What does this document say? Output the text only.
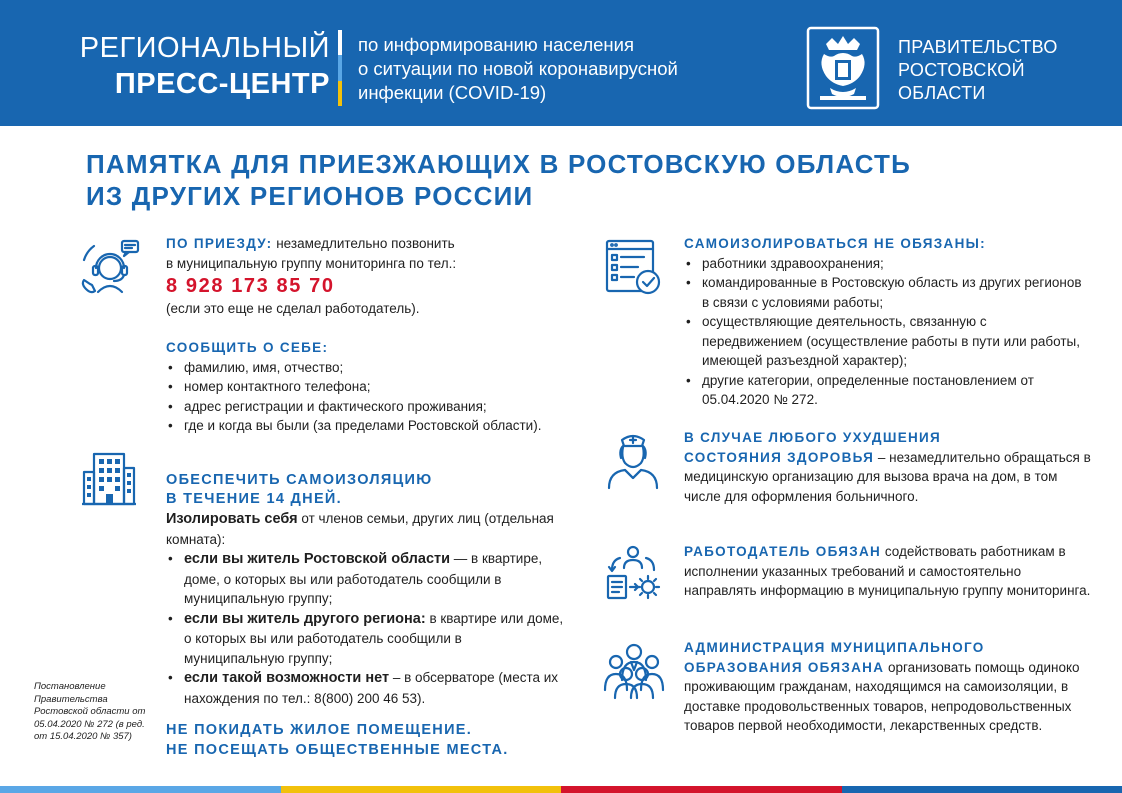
РЕГИОНАЛЬНЫЙ
ПРЕСС-ЦЕНТР
по информированию населения
о ситуации по новой коронавирусной
инфекции (COVID-19)
ПРАВИТЕЛЬСТВО
РОСТОВСКОЙ
ОБЛАСТИ
ПАМЯТКА ДЛЯ ПРИЕЗЖАЮЩИХ В РОСТОВСКУЮ ОБЛАСТЬ
ИЗ ДРУГИХ РЕГИОНОВ РОССИИ
ПО ПРИЕЗДУ: незамедлительно позвонить
в муниципальную группу мониторинга по тел.:
8 928 173 85 70
(если это еще не сделал работодатель).
СООБЩИТЬ О СЕБЕ:
• фамилию, имя, отчество;
• номер контактного телефона;
• адрес регистрации и фактического проживания;
• где и когда вы были (за пределами Ростовской области).
ОБЕСПЕЧИТЬ САМОИЗОЛЯЦИЮ
В ТЕЧЕНИЕ 14 ДНЕЙ.
Изолировать себя от членов семьи, других лиц (отдельная комната):
• если вы житель Ростовской области — в квартире, доме, о которых вы или работодатель сообщили в муниципальную группу;
• если вы житель другого региона: в квартире или доме, о которых вы или работодатель сообщили в муниципальную группу;
• если такой возможности нет – в обсерваторе (места их нахождения по тел.: 8(800) 200 46 53).
НЕ ПОКИДАТЬ ЖИЛОЕ ПОМЕЩЕНИЕ.
НЕ ПОСЕЩАТЬ ОБЩЕСТВЕННЫЕ МЕСТА.
Постановление Правительства Ростовской области от 05.04.2020 № 272 (в ред. от 15.04.2020 № 357)
САМОИЗОЛИРОВАТЬСЯ НЕ ОБЯЗАНЫ:
• работники здравоохранения;
• командированные в Ростовскую область из других регионов в связи с условиями работы;
• осуществляющие деятельность, связанную с передвижением (осуществление работы в пути или работы, имеющей разъездной характер);
• другие категории, определенные постановлением от 05.04.2020 № 272.
В СЛУЧАЕ ЛЮБОГО УХУДШЕНИЯ
СОСТОЯНИЯ ЗДОРОВЬЯ – незамедлительно обращаться в медицинскую организацию для вызова врача на дом, в том числе для оформления больничного.
РАБОТОДАТЕЛЬ ОБЯЗАН содействовать работникам в исполнении указанных требований и самостоятельно направлять информацию в муниципальную группу мониторинга.
АДМИНИСТРАЦИЯ МУНИЦИПАЛЬНОГО
ОБРАЗОВАНИЯ ОБЯЗАНА организовать помощь одиноко проживающим гражданам, находящимся на самоизоляции, в доставке продовольственных товаров, непродовольственных товаров первой необходимости, лекарственных средств.
